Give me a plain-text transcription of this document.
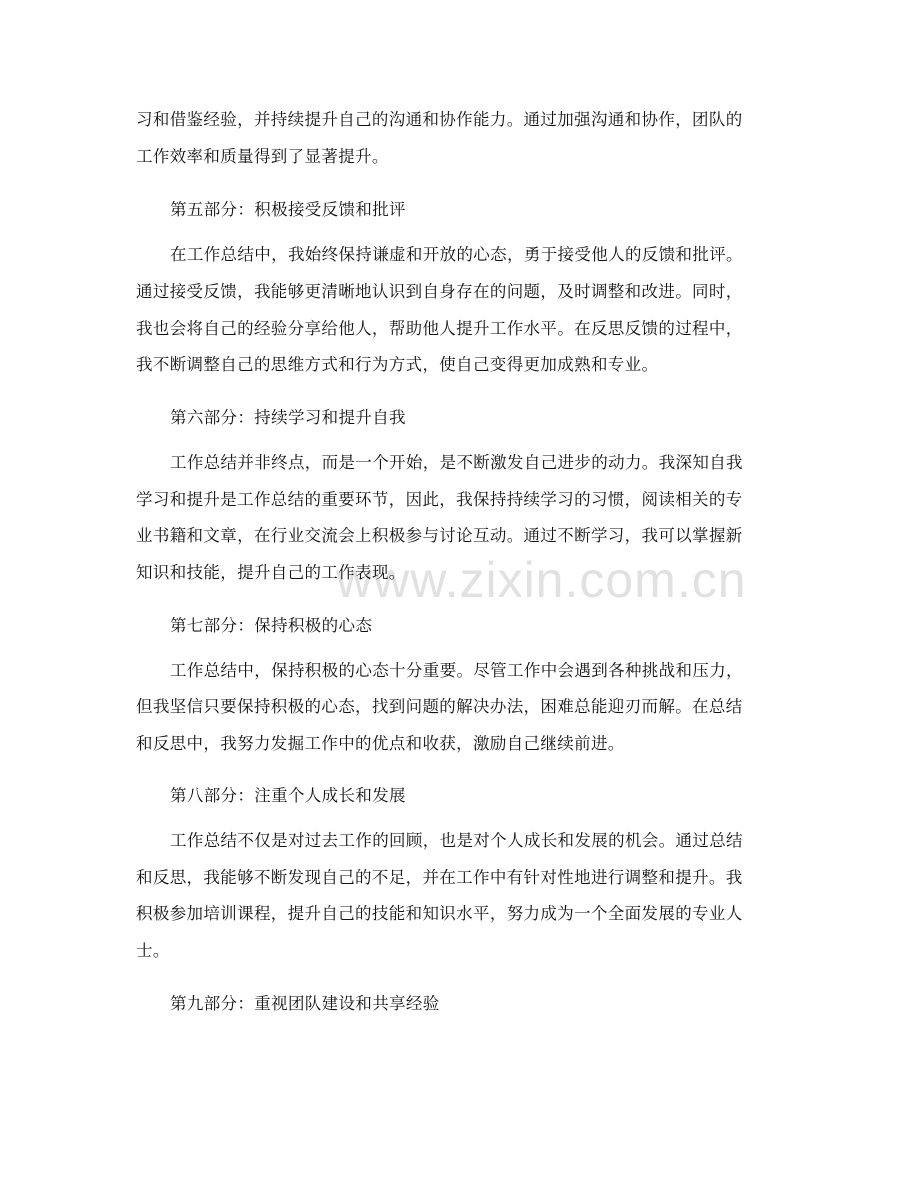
www.zixin.com.cn
习和借鉴经验，并持续提升自己的沟通和协作能力。通过加强沟通和协作，团队的
工作效率和质量得到了显著提升。
第五部分：积极接受反馈和批评
在工作总结中，我始终保持谦虚和开放的心态，勇于接受他人的反馈和批评。
通过接受反馈，我能够更清晰地认识到自身存在的问题，及时调整和改进。同时，
我也会将自己的经验分享给他人，帮助他人提升工作水平。在反思反馈的过程中，
我不断调整自己的思维方式和行为方式，使自己变得更加成熟和专业。
第六部分：持续学习和提升自我
工作总结并非终点，而是一个开始，是不断激发自己进步的动力。我深知自我
学习和提升是工作总结的重要环节，因此，我保持持续学习的习惯，阅读相关的专
业书籍和文章，在行业交流会上积极参与讨论互动。通过不断学习，我可以掌握新
知识和技能，提升自己的工作表现。
第七部分：保持积极的心态
工作总结中，保持积极的心态十分重要。尽管工作中会遇到各种挑战和压力，
但我坚信只要保持积极的心态，找到问题的解决办法，困难总能迎刃而解。在总结
和反思中，我努力发掘工作中的优点和收获，激励自己继续前进。
第八部分：注重个人成长和发展
工作总结不仅是对过去工作的回顾，也是对个人成长和发展的机会。通过总结
和反思，我能够不断发现自己的不足，并在工作中有针对性地进行调整和提升。我
积极参加培训课程，提升自己的技能和知识水平，努力成为一个全面发展的专业人
士。
第九部分：重视团队建设和共享经验
